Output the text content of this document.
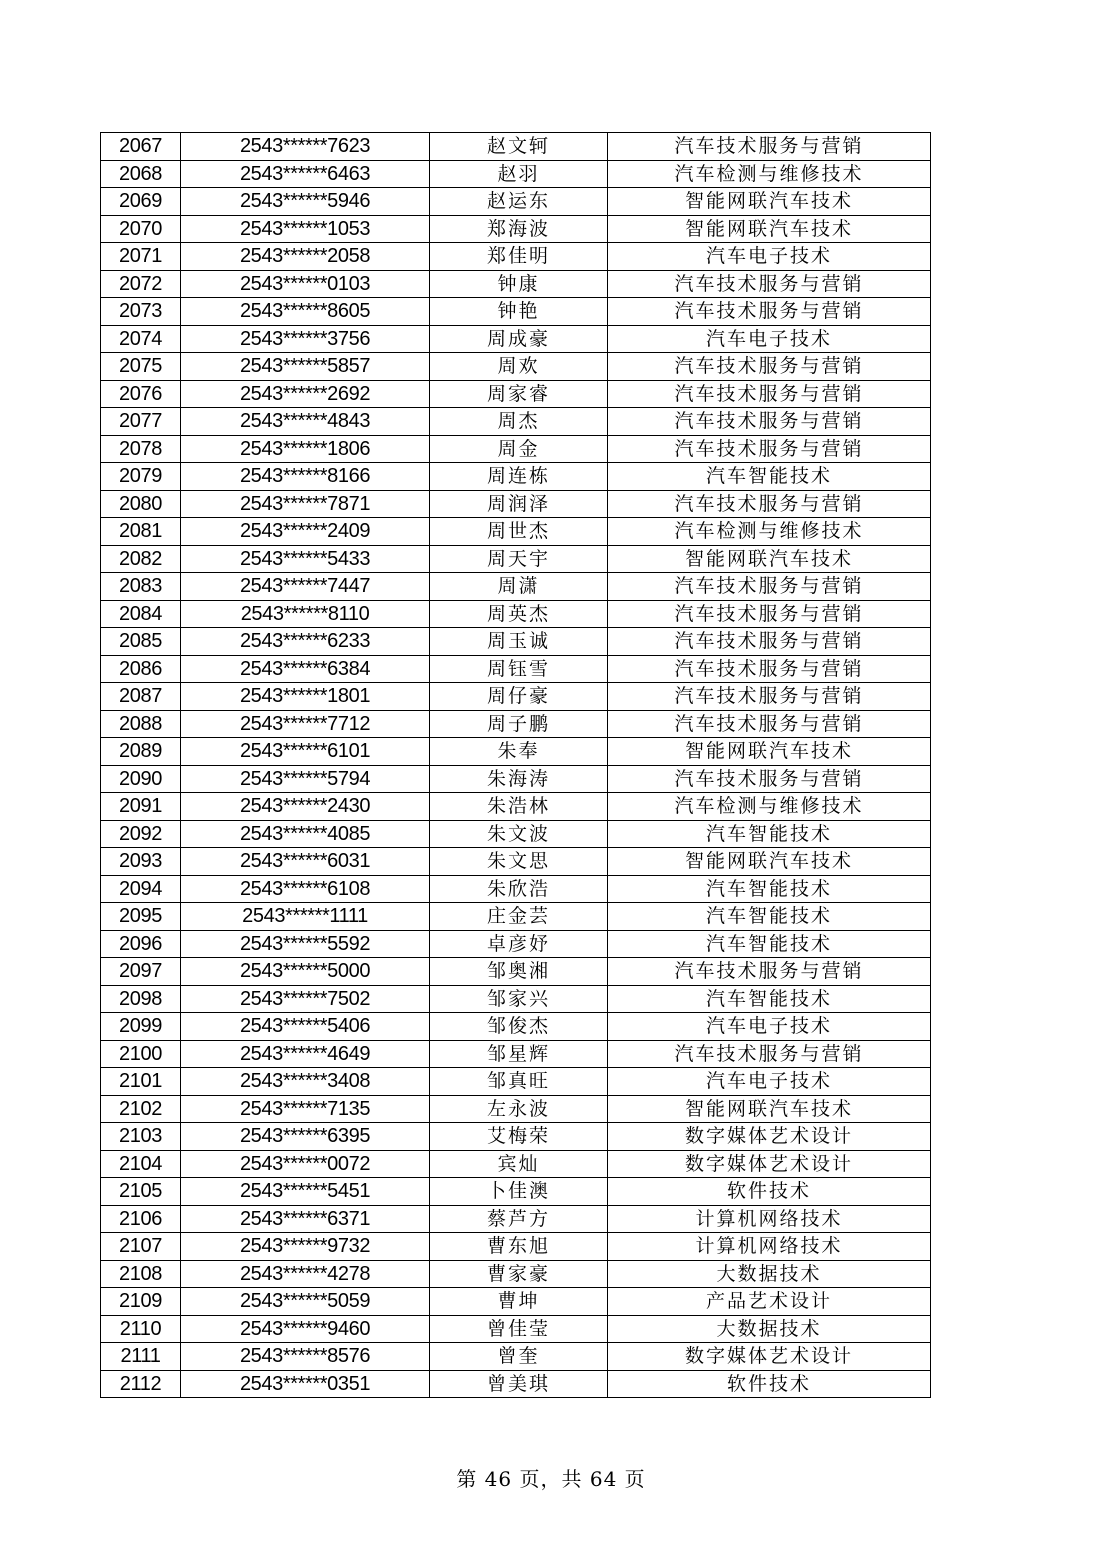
2067	2543******7623	赵文轲	汽车技术服务与营销
2068	2543******6463	赵羽	汽车检测与维修技术
2069	2543******5946	赵运东	智能网联汽车技术
2070	2543******1053	郑海波	智能网联汽车技术
2071	2543******2058	郑佳明	汽车电子技术
2072	2543******0103	钟康	汽车技术服务与营销
2073	2543******8605	钟艳	汽车技术服务与营销
2074	2543******3756	周成豪	汽车电子技术
2075	2543******5857	周欢	汽车技术服务与营销
2076	2543******2692	周家睿	汽车技术服务与营销
2077	2543******4843	周杰	汽车技术服务与营销
2078	2543******1806	周金	汽车技术服务与营销
2079	2543******8166	周连栋	汽车智能技术
2080	2543******7871	周润泽	汽车技术服务与营销
2081	2543******2409	周世杰	汽车检测与维修技术
2082	2543******5433	周天宇	智能网联汽车技术
2083	2543******7447	周潇	汽车技术服务与营销
2084	2543******8110	周英杰	汽车技术服务与营销
2085	2543******6233	周玉诚	汽车技术服务与营销
2086	2543******6384	周钰雪	汽车技术服务与营销
2087	2543******1801	周仔豪	汽车技术服务与营销
2088	2543******7712	周子鹏	汽车技术服务与营销
2089	2543******6101	朱奉	智能网联汽车技术
2090	2543******5794	朱海涛	汽车技术服务与营销
2091	2543******2430	朱浩林	汽车检测与维修技术
2092	2543******4085	朱文波	汽车智能技术
2093	2543******6031	朱文思	智能网联汽车技术
2094	2543******6108	朱欣浩	汽车智能技术
2095	2543******1111	庄金芸	汽车智能技术
2096	2543******5592	卓彦妤	汽车智能技术
2097	2543******5000	邹奥湘	汽车技术服务与营销
2098	2543******7502	邹家兴	汽车智能技术
2099	2543******5406	邹俊杰	汽车电子技术
2100	2543******4649	邹星辉	汽车技术服务与营销
2101	2543******3408	邹真旺	汽车电子技术
2102	2543******7135	左永波	智能网联汽车技术
2103	2543******6395	艾梅荣	数字媒体艺术设计
2104	2543******0072	宾灿	数字媒体艺术设计
2105	2543******5451	卜佳澳	软件技术
2106	2543******6371	蔡芦方	计算机网络技术
2107	2543******9732	曹东旭	计算机网络技术
2108	2543******4278	曹家豪	大数据技术
2109	2543******5059	曹坤	产品艺术设计
2110	2543******9460	曾佳莹	大数据技术
2111	2543******8576	曾奎	数字媒体艺术设计
2112	2543******0351	曾美琪	软件技术
第 46 页，共 64 页
